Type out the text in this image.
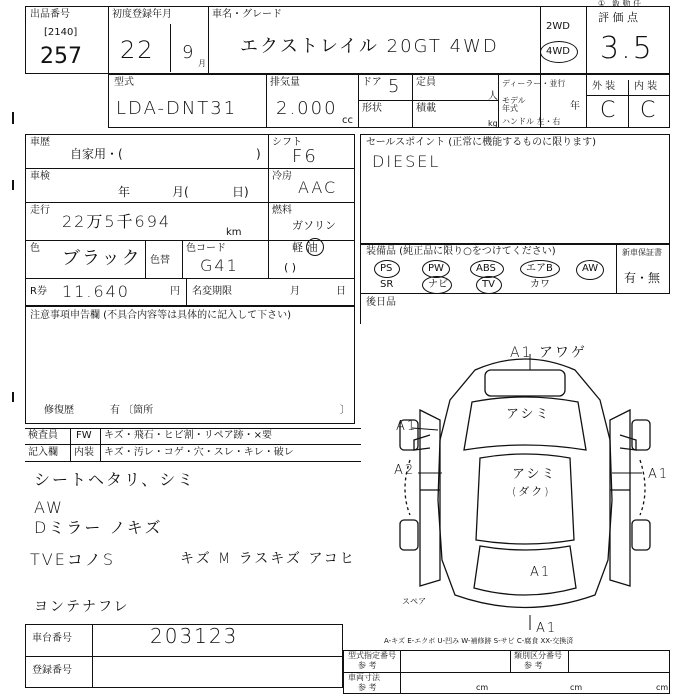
出品番号
[2140]
257
初度登録年月
22 9
月
車名・グレード
エクストレイル 20GT 4WD
2WD
4WD
① 鈑 動 任
評 価 点
3.5
型式
LDA-DNT31
排気量
2.000
cc
ドア 5
形状
定員
人
積載
kg
ディーラー・並行
モデル 年式	年
ハンドル 左・右
外 装 内 装
C C
車歴
自家用・(	)
シフト
F6
車検
年	月(	日)
冷房
AAC
走行
22万5千694
km
燃料
ガソリン
軽 油
( )
色 ブラック 色替
色コード
G41
R券 11.640	円 名変期限	月	日
セールスポイント (正常に機能するものに限ります)
DIESEL
装備品 (純正品に限り○をつけてください)	新車保証書
有・無
PS	PW	ABS	エアB	AW
SR	ナビ	TV	カワ
後日品
注意事項申告欄 (不具合内容等は具体的に記入して下さい)
修復歴	有 〔箇所	〕
検査員
記入欄
FW キズ・飛石・ヒビ割・リペア跡・×要
内装 キズ・汚レ・コゲ・穴・スレ・キレ・破レ
シートヘタリ、シミ
AW
Dミラー ノキズ
TVEコノS	キズ M ラスキズ アコヒ
ヨンテナフレ
A1 アワゲ
アシミ
A1
A2	A1
アシミ
(ダク)
A1
スペア
A1
A-キズ E-エクボ U-凹み W-補修跡 S-サビ C-腐食 XX-交換済
車台番号	203123
登録番号
型式指定番号
参 考
類別区分番号
参 考
車両寸法
参 考	cm	cm	cm
